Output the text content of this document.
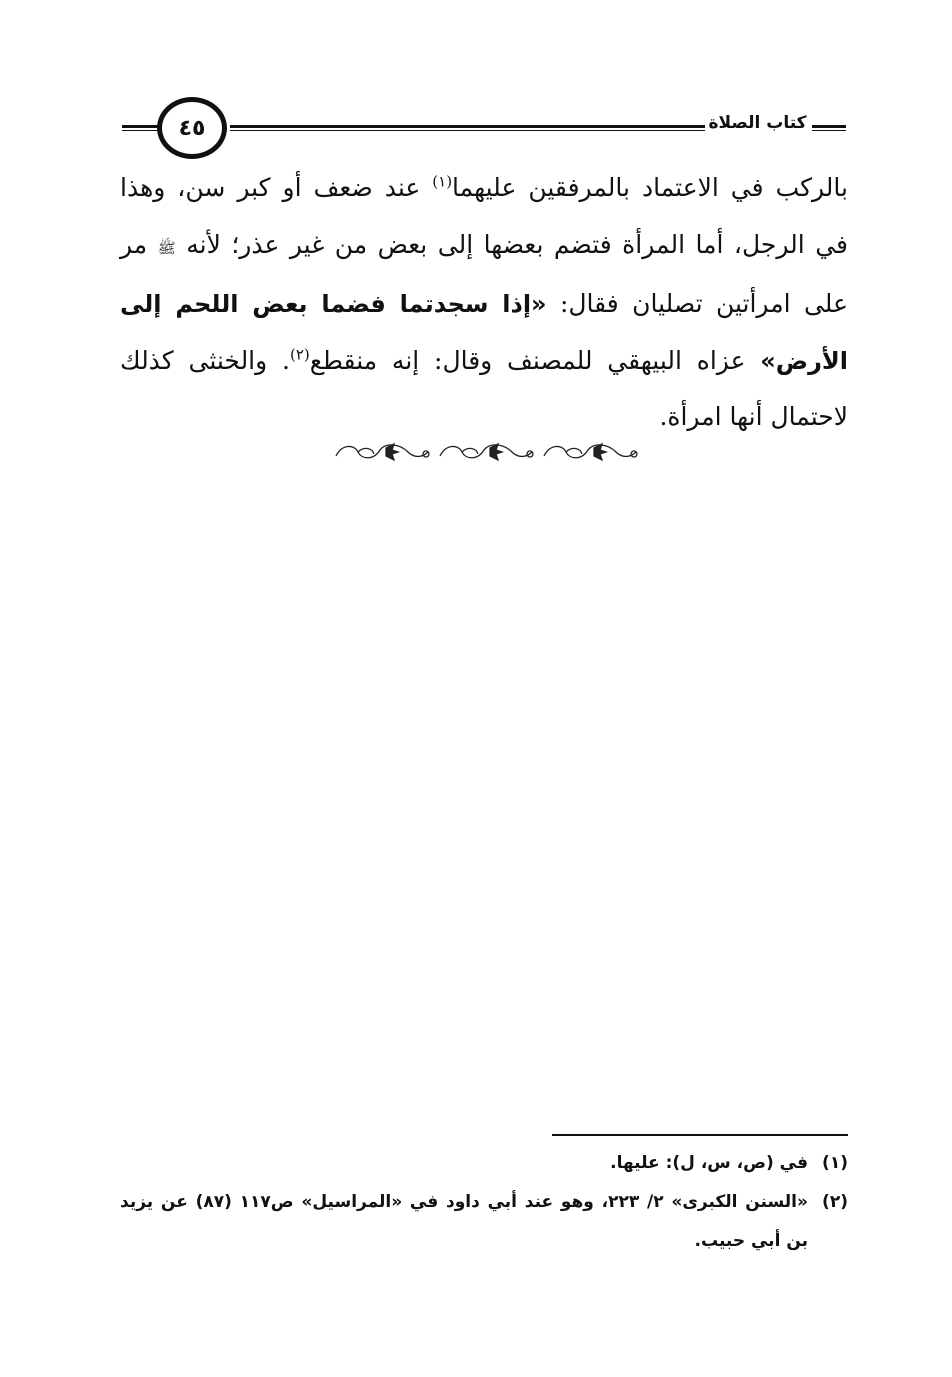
٤٥	كتاب الصلاة

بالركب في الاعتماد بالمرفقين عليهما$^{(١)}$ عند ضعف أو كبر سن، وهذا في الرجل، أما المرأة فتضم بعضها إلى بعض من غير عذر؛ لأنه ﷺ مر على امرأتين تصليان فقال: «إذا سجدتما فضما بعض اللحم إلى الأرض» عزاه البيهقي للمصنف وقال: إنه منقطع$^{(٢)}$. والخنثى كذلك لاحتمال أنها امرأة.

(١)
في (ص، س، ل): عليها.
(٢)
«السنن الكبرى» ٢/ ٢٢٣، وهو عند أبي داود في «المراسيل» ص١١٧ (٨٧) عن يزيد بن أبي حبيب.
